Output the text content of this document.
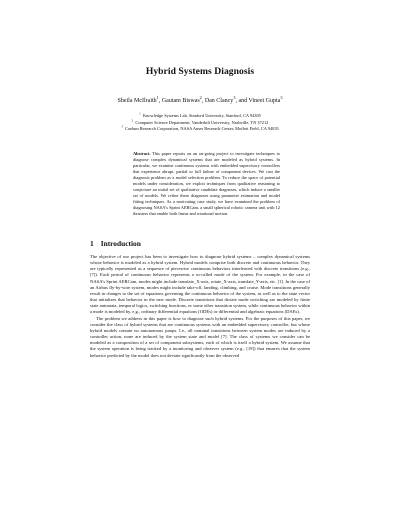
Hybrid Systems Diagnosis
Sheila McIlraith$^1$, Gautam Biswas$^2$, Dan Clancy$^3$, and Vineet Gupta$^3$
$^1$ Knowledge Systems Lab, Stanford University, Stanford, CA 94305
$^2$ Computer Science Department, Vanderbilt University, Nashville, TN 37212
$^3$ Caelum Research Corporation, NASA Ames Research Center, Moffett Field, CA 94035
Abstract. This paper reports on an on-going project to investigate techniques to diagnose complex dynamical systems that are modeled as hybrid systems. In particular, we examine continuous systems with embedded supervisory controllers that experience abrupt, partial or full failure of component devices. We cast the diagnosis problem as a model selection problem. To reduce the space of potential models under consideration, we exploit techniques from qualitative reasoning to conjecture an initial set of qualitative candidate diagnoses, which induce a smaller set of models. We refine these diagnoses using parameter estimation and model fitting techniques. As a motivating case study, we have examined the problem of diagnosing NASA's Sprint AERCam, a small spherical robotic camera unit with 12 thrusters that enable both linear and rotational motion.
1 Introduction

The objective of our project has been to investigate how to diagnose hybrid systems – complex dynamical systems whose behavior is modeled as a hybrid system. Hybrid models comprise both discrete and continuous behavior. They are typically represented as a sequence of piecewise continuous behaviors interleaved with discrete transitions (e.g., [7]). Each period of continuous behavior represents a so-called mode of the system. For example, in the case of NASA's Sprint AERCam, modes might include translate_X-axis, rotate_X-axis, translate_Y-axis, etc. [1]. In the case of an Airbus fly-by-wire system, modes might include take-off, landing, climbing, and cruise. Mode transitions generally result in changes to the set of equations governing the continuous behavior of the system, as well as to the state vector that initializes that behavior in the new mode. Discrete transitions that dictate mode switching are modeled by finite state automata, temporal logics, switching functions, or some other transition system, while continuous behavior within a mode is modeled by, e.g., ordinary differential equations (ODEs) or differential and algebraic equations (DAEs).

The problem we address in this paper is how to diagnose such hybrid systems. For the purposes of this paper, we consider the class of hybrid systems that are continuous systems with an embedded supervisory controller, but whose hybrid models contain no autonomous jumps. I.e., all nominal transitions between system modes are induced by a controller action, none are induced by the system state and model [7]. The class of systems we consider can be modeled as a composition of a set of component subsystems, each of which is itself a hybrid system. We assume that the system operation is being tracked by a monitoring and observer system (e.g., [19]) that ensures that the system behavior predicted by the model does not deviate significantly from the observed
